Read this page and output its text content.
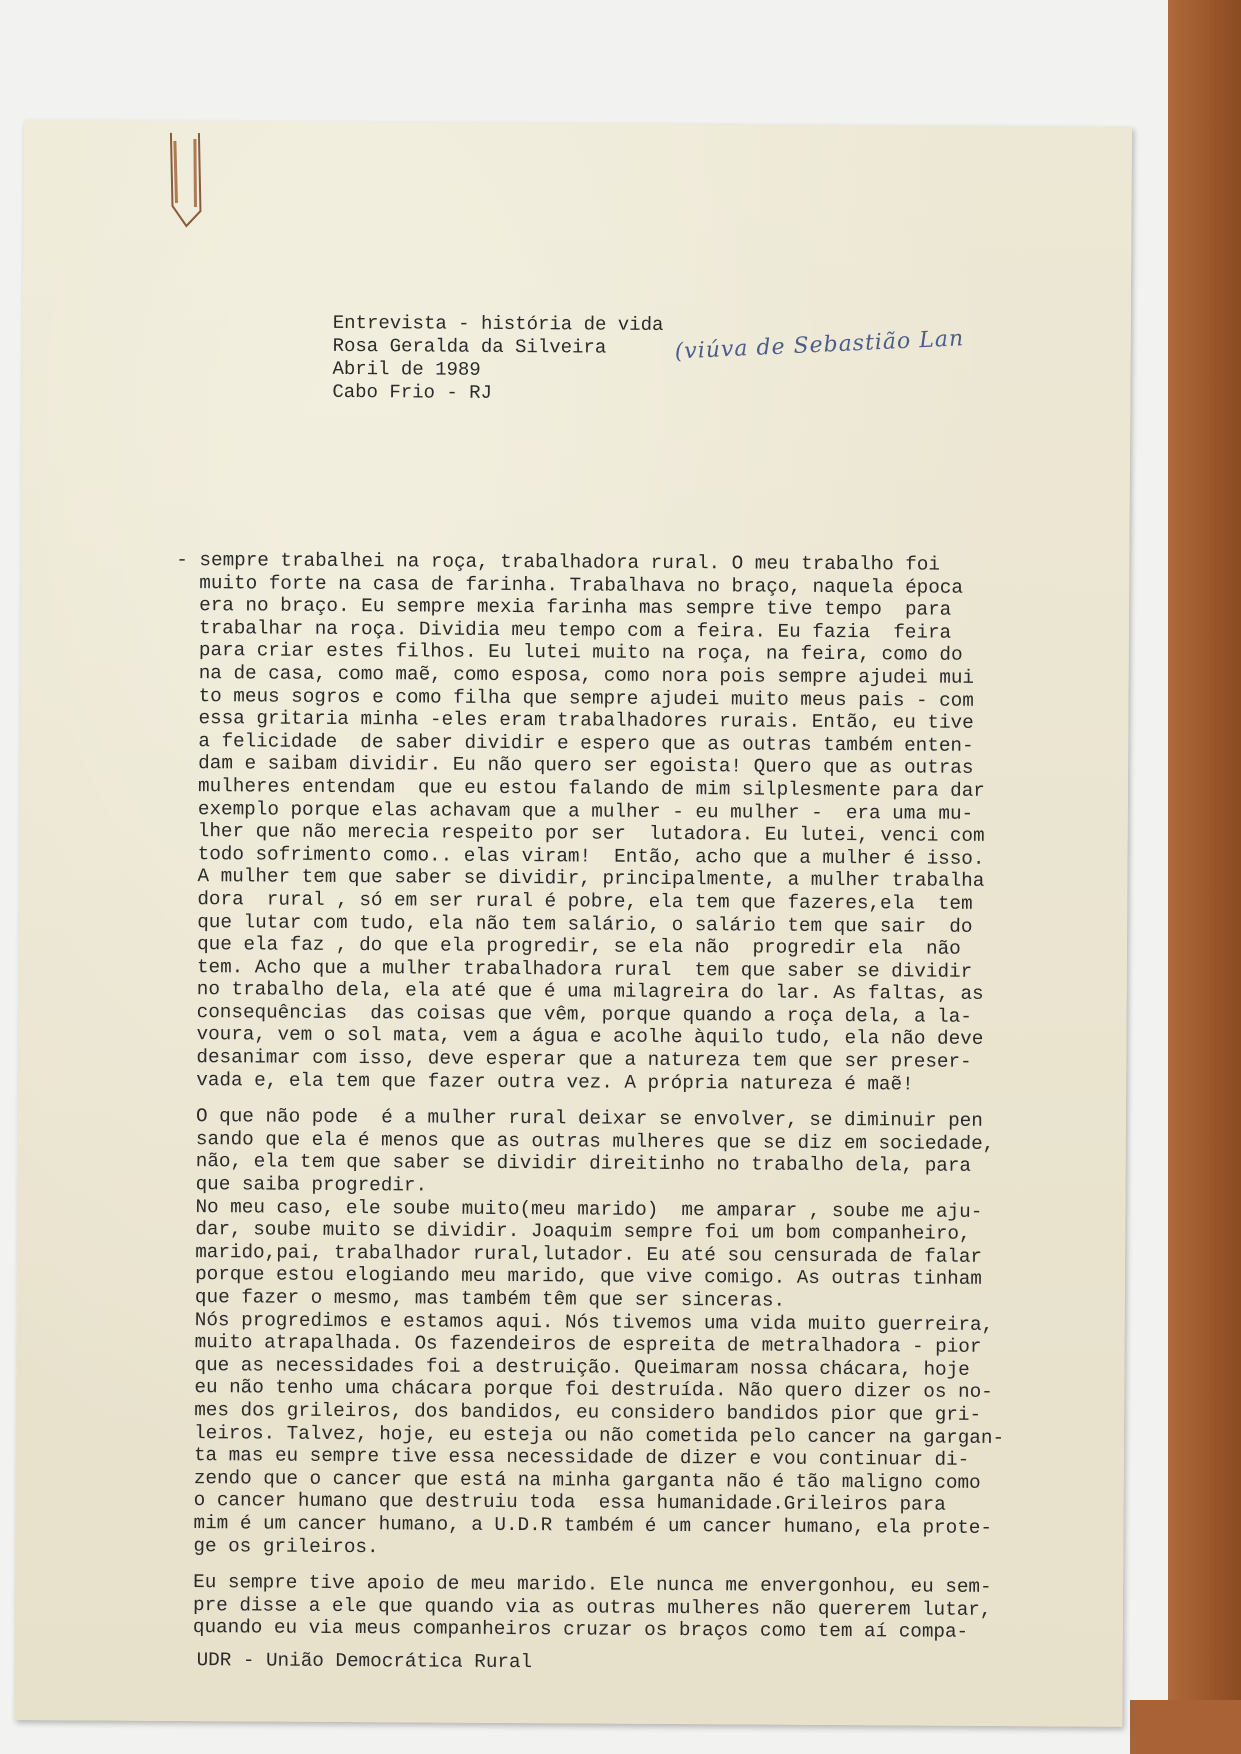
Entrevista - história de vida
Rosa Geralda da Silveira
Abril de 1989
Cabo Frio - RJ
(viúva de Sebastião Lan
- sempre trabalhei na roça, trabalhadora rural. O meu trabalho foi
muito forte na casa de farinha. Trabalhava no braço, naquela época
era no braço. Eu sempre mexia farinha mas sempre tive tempo  para
trabalhar na roça. Dividia meu tempo com a feira. Eu fazia  feira
para criar estes filhos. Eu lutei muito na roça, na feira, como do
na de casa, como maẽ, como esposa, como nora pois sempre ajudei mui
to meus sogros e como filha que sempre ajudei muito meus pais - com
essa gritaria minha -eles eram trabalhadores rurais. Então, eu tive
a felicidade  de saber dividir e espero que as outras também enten-
dam e saibam dividir. Eu não quero ser egoista! Quero que as outras
mulheres entendam  que eu estou falando de mim silplesmente para dar
exemplo porque elas achavam que a mulher - eu mulher -  era uma mu-
lher que não merecia respeito por ser  lutadora. Eu lutei, venci com
todo sofrimento como.. elas viram!  Então, acho que a mulher é isso.
A mulher tem que saber se dividir, principalmente, a mulher trabalha
dora  rural , só em ser rural é pobre, ela tem que fazeres,ela  tem
que lutar com tudo, ela não tem salário, o salário tem que sair  do
que ela faz , do que ela progredir, se ela não  progredir ela  não
tem. Acho que a mulher trabalhadora rural  tem que saber se dividir
no trabalho dela, ela até que é uma milagreira do lar. As faltas, as
consequências  das coisas que vêm, porque quando a roça dela, a la-
voura, vem o sol mata, vem a água e acolhe àquilo tudo, ela não deve
desanimar com isso, deve esperar que a natureza tem que ser preser-
vada e, ela tem que fazer outra vez. A própria natureza é maẽ!
O que não pode  é a mulher rural deixar se envolver, se diminuir pen
sando que ela é menos que as outras mulheres que se diz em sociedade,
não, ela tem que saber se dividir direitinho no trabalho dela, para
que saiba progredir.
No meu caso, ele soube muito(meu marido)  me amparar , soube me aju-
dar, soube muito se dividir. Joaquim sempre foi um bom companheiro,
marido,pai, trabalhador rural,lutador. Eu até sou censurada de falar
porque estou elogiando meu marido, que vive comigo. As outras tinham
que fazer o mesmo, mas também têm que ser sinceras.
Nós progredimos e estamos aqui. Nós tivemos uma vida muito guerreira,
muito atrapalhada. Os fazendeiros de espreita de metralhadora - pior
que as necessidades foi a destruição. Queimaram nossa chácara, hoje
eu não tenho uma chácara porque foi destruída. Não quero dizer os no-
mes dos grileiros, dos bandidos, eu considero bandidos pior que gri-
leiros. Talvez, hoje, eu esteja ou não cometida pelo cancer na gargan-
ta mas eu sempre tive essa necessidade de dizer e vou continuar di-
zendo que o cancer que está na minha garganta não é tão maligno como
o cancer humano que destruiu toda  essa humanidade.Grileiros para
mim é um cancer humano, a U.D.R também é um cancer humano, ela prote-
ge os grileiros.
Eu sempre tive apoio de meu marido. Ele nunca me envergonhou, eu sem-
pre disse a ele que quando via as outras mulheres não quererem lutar,
quando eu via meus companheiros cruzar os braços como tem aí compa-
UDR - União Democrática Rural
